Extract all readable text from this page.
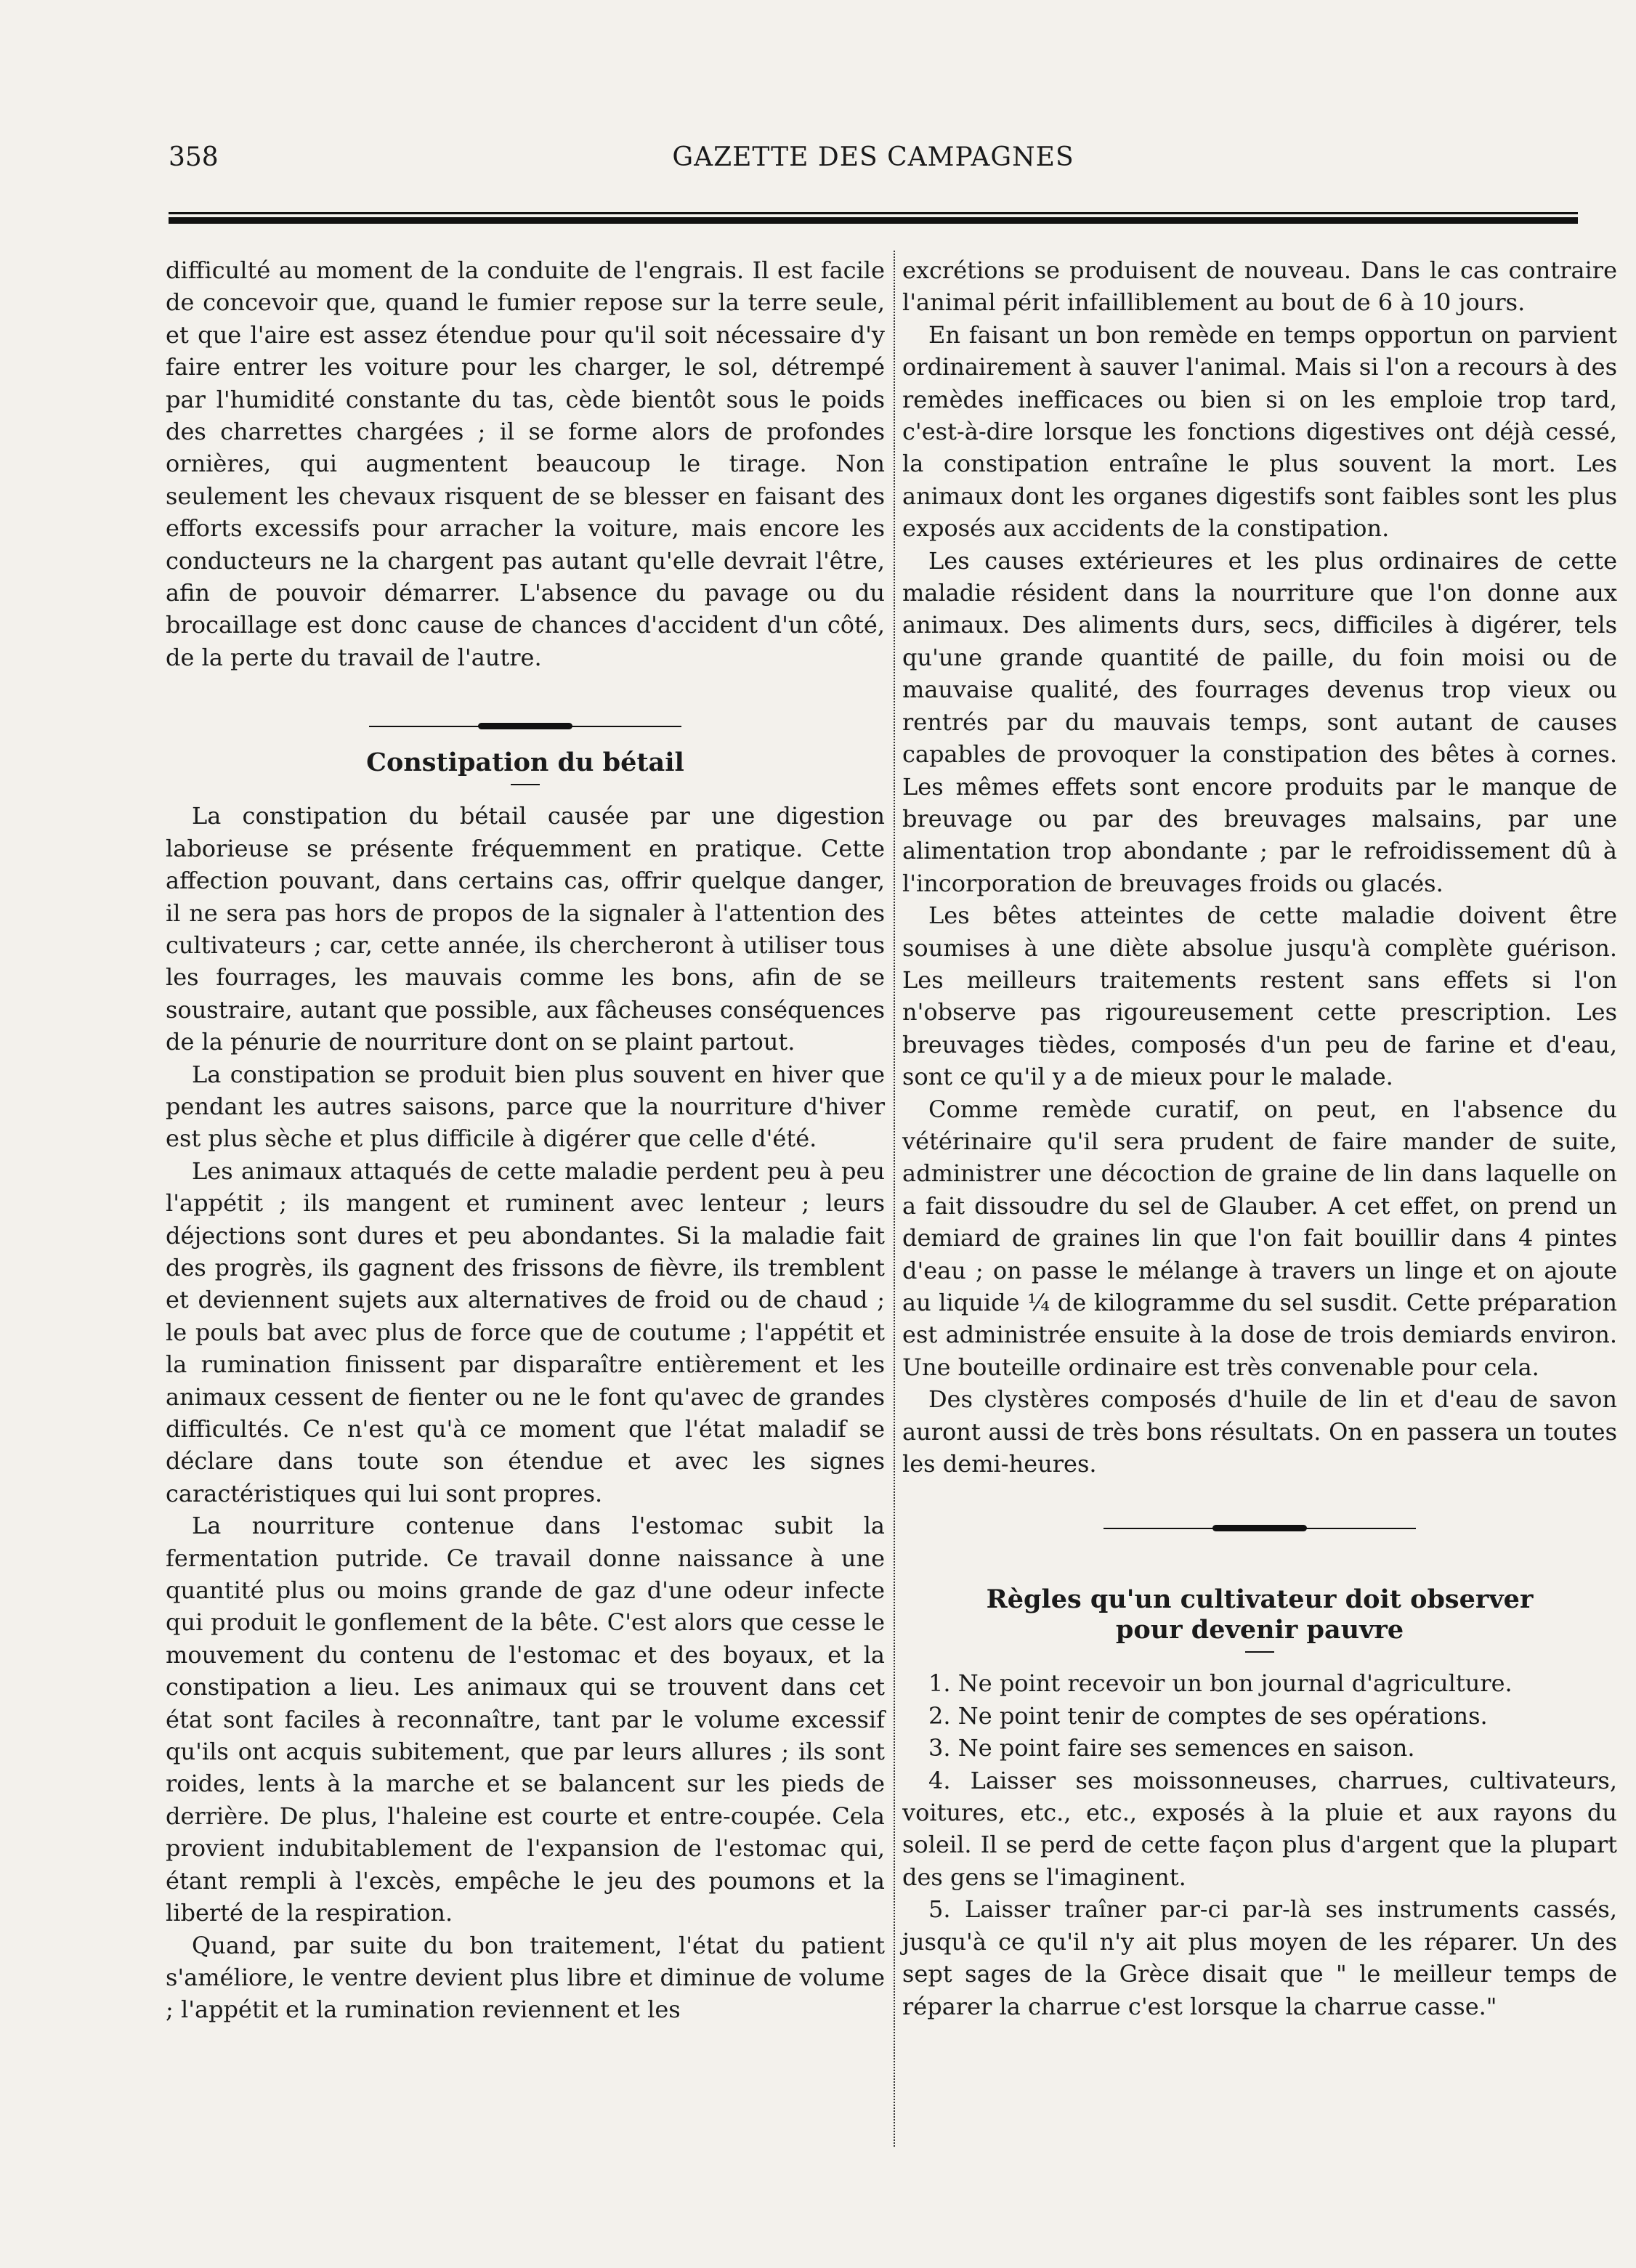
358	GAZETTE DES CAMPAGNES

difficulté au moment de la conduite de l'engrais. Il est facile de concevoir que, quand le fumier repose sur la terre seule, et que l'aire est assez étendue pour qu'il soit nécessaire d'y faire entrer les voiture pour les charger, le sol, détrempé par l'humidité constante du tas, cède bientôt sous le poids des charrettes chargées ; il se forme alors de profondes ornières, qui augmentent beaucoup le tirage. Non seulement les chevaux risquent de se blesser en faisant des efforts excessifs pour arracher la voiture, mais encore les conducteurs ne la chargent pas autant qu'elle devrait l'être, afin de pouvoir démarrer. L'absence du pavage ou du brocaillage est donc cause de chances d'accident d'un côté, de la perte du travail de l'autre.

Constipation du bétail

La constipation du bétail causée par une digestion laborieuse se présente fréquemment en pratique. Cette affection pouvant, dans certains cas, offrir quelque danger, il ne sera pas hors de propos de la signaler à l'attention des cultivateurs ; car, cette année, ils chercheront à utiliser tous les fourrages, les mauvais comme les bons, afin de se soustraire, autant que possible, aux fâcheuses conséquences de la pénurie de nourriture dont on se plaint partout.

La constipation se produit bien plus souvent en hiver que pendant les autres saisons, parce que la nourriture d'hiver est plus sèche et plus difficile à digérer que celle d'été.

Les animaux attaqués de cette maladie perdent peu à peu l'appétit ; ils mangent et ruminent avec lenteur ; leurs déjections sont dures et peu abondantes. Si la maladie fait des progrès, ils gagnent des frissons de fièvre, ils tremblent et deviennent sujets aux alternatives de froid ou de chaud ; le pouls bat avec plus de force que de coutume ; l'appétit et la rumination finissent par disparaître entièrement et les animaux cessent de fienter ou ne le font qu'avec de grandes difficultés. Ce n'est qu'à ce moment que l'état maladif se déclare dans toute son étendue et avec les signes caractéristiques qui lui sont propres.

La nourriture contenue dans l'estomac subit la fermentation putride. Ce travail donne naissance à une quantité plus ou moins grande de gaz d'une odeur infecte qui produit le gonflement de la bête. C'est alors que cesse le mouvement du contenu de l'estomac et des boyaux, et la constipation a lieu. Les animaux qui se trouvent dans cet état sont faciles à reconnaître, tant par le volume excessif qu'ils ont acquis subitement, que par leurs allures ; ils sont roides, lents à la marche et se balancent sur les pieds de derrière. De plus, l'haleine est courte et entre-coupée. Cela provient indubitablement de l'expansion de l'estomac qui, étant rempli à l'excès, empêche le jeu des poumons et la liberté de la respiration.

Quand, par suite du bon traitement, l'état du patient s'améliore, le ventre devient plus libre et diminue de volume ; l'appétit et la rumination reviennent et les

excrétions se produisent de nouveau. Dans le cas contraire l'animal périt infailliblement au bout de 6 à 10 jours.

En faisant un bon remède en temps opportun on parvient ordinairement à sauver l'animal. Mais si l'on a recours à des remèdes inefficaces ou bien si on les emploie trop tard, c'est-à-dire lorsque les fonctions digestives ont déjà cessé, la constipation entraîne le plus souvent la mort. Les animaux dont les organes digestifs sont faibles sont les plus exposés aux accidents de la constipation.

Les causes extérieures et les plus ordinaires de cette maladie résident dans la nourriture que l'on donne aux animaux. Des aliments durs, secs, difficiles à digérer, tels qu'une grande quantité de paille, du foin moisi ou de mauvaise qualité, des fourrages devenus trop vieux ou rentrés par du mauvais temps, sont autant de causes capables de provoquer la constipation des bêtes à cornes. Les mêmes effets sont encore produits par le manque de breuvage ou par des breuvages malsains, par une alimentation trop abondante ; par le refroidissement dû à l'incorporation de breuvages froids ou glacés.

Les bêtes atteintes de cette maladie doivent être soumises à une diète absolue jusqu'à complète guérison. Les meilleurs traitements restent sans effets si l'on n'observe pas rigoureusement cette prescription. Les breuvages tièdes, composés d'un peu de farine et d'eau, sont ce qu'il y a de mieux pour le malade.

Comme remède curatif, on peut, en l'absence du vétérinaire qu'il sera prudent de faire mander de suite, administrer une décoction de graine de lin dans laquelle on a fait dissoudre du sel de Glauber. A cet effet, on prend un demiard de graines lin que l'on fait bouillir dans 4 pintes d'eau ; on passe le mélange à travers un linge et on ajoute au liquide ¼ de kilogramme du sel susdit. Cette préparation est administrée ensuite à la dose de trois demiards environ. Une bouteille ordinaire est très convenable pour cela.

Des clystères composés d'huile de lin et d'eau de savon auront aussi de très bons résultats. On en passera un toutes les demi-heures.

Règles qu'un cultivateur doit observer pour devenir pauvre

1. Ne point recevoir un bon journal d'agriculture.

2. Ne point tenir de comptes de ses opérations.

3. Ne point faire ses semences en saison.

4. Laisser ses moissonneuses, charrues, cultivateurs, voitures, etc., etc., exposés à la pluie et aux rayons du soleil. Il se perd de cette façon plus d'argent que la plupart des gens se l'imaginent.

5. Laisser traîner par-ci par-là ses instruments cassés, jusqu'à ce qu'il n'y ait plus moyen de les réparer. Un des sept sages de la Grèce disait que " le meilleur temps de réparer la charrue c'est lorsque la charrue casse."
